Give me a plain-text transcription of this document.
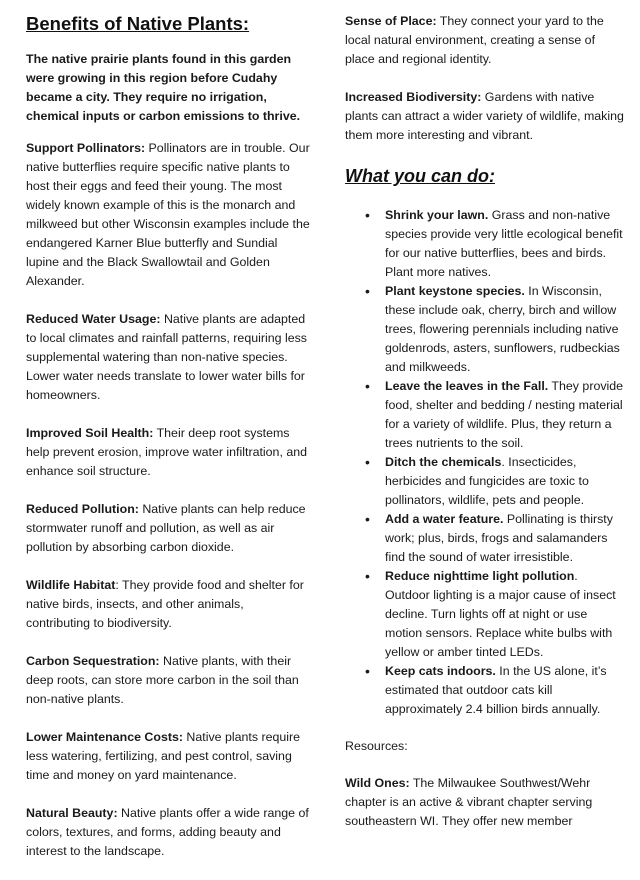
Benefits of Native Plants:

The native prairie plants found in this garden were growing in this region before Cudahy became a city. They require no irrigation, chemical inputs or carbon emissions to thrive.

Support Pollinators: Pollinators are in trouble. Our native butterflies require specific native plants to host their eggs and feed their young. The most widely known example of this is the monarch and milkweed but other Wisconsin examples include the endangered Karner Blue butterfly and Sundial lupine and the Black Swallowtail and Golden Alexander.

Reduced Water Usage: Native plants are adapted to local climates and rainfall patterns, requiring less supplemental watering than non-native species. Lower water needs translate to lower water bills for homeowners.

Improved Soil Health: Their deep root systems help prevent erosion, improve water infiltration, and enhance soil structure.

Reduced Pollution: Native plants can help reduce stormwater runoff and pollution, as well as air pollution by absorbing carbon dioxide.

Wildlife Habitat: They provide food and shelter for native birds, insects, and other animals, contributing to biodiversity.

Carbon Sequestration: Native plants, with their deep roots, can store more carbon in the soil than non-native plants.

Lower Maintenance Costs: Native plants require less watering, fertilizing, and pest control, saving time and money on yard maintenance.

Natural Beauty: Native plants offer a wide range of colors, textures, and forms, adding beauty and interest to the landscape.

Sense of Place: They connect your yard to the local natural environment, creating a sense of place and regional identity.

Increased Biodiversity: Gardens with native plants can attract a wider variety of wildlife, making them more interesting and vibrant.

What you can do:
• Shrink your lawn. Grass and non-native species provide very little ecological benefit for our native butterflies, bees and birds. Plant more natives.
• Plant keystone species. In Wisconsin, these include oak, cherry, birch and willow trees, flowering perennials including native goldenrods, asters, sunflowers, rudbeckias and milkweeds.
• Leave the leaves in the Fall. They provide food, shelter and bedding / nesting material for a variety of wildlife. Plus, they return a trees nutrients to the soil.
• Ditch the chemicals. Insecticides, herbicides and fungicides are toxic to pollinators, wildlife, pets and people.
• Add a water feature. Pollinating is thirsty work; plus, birds, frogs and salamanders find the sound of water irresistible.
• Reduce nighttime light pollution. Outdoor lighting is a major cause of insect decline. Turn lights off at night or use motion sensors. Replace white bulbs with yellow or amber tinted LEDs.
• Keep cats indoors. In the US alone, it’s estimated that outdoor cats kill approximately 2.4 billion birds annually.

Resources:

Wild Ones: The Milwaukee Southwest/Wehr chapter is an active & vibrant chapter serving southeastern WI. They offer new member
